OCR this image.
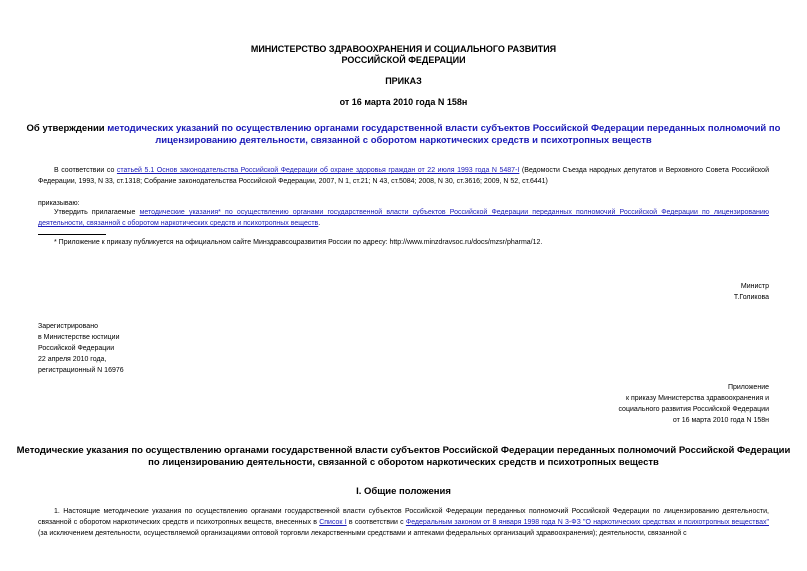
МИНИСТЕРСТВО ЗДРАВООХРАНЕНИЯ И СОЦИАЛЬНОГО РАЗВИТИЯ
РОССИЙСКОЙ ФЕДЕРАЦИИ
ПРИКАЗ
от 16 марта 2010 года N 158н
Об утверждении методических указаний по осуществлению органами государственной власти субъектов Российской Федерации переданных полномочий по
лицензированию деятельности, связанной с оборотом наркотических средств и психотропных веществ
В соответствии со статьей 5.1 Основ законодательства Российской Федерации об охране здоровья граждан от 22 июля 1993 года N 5487-I (Ведомости Съезда народных депутатов и Верховного Совета Российской Федерации, 1993, N 33, ст.1318; Собрание законодательства Российской Федерации, 2007, N 1, ст.21; N 43, ст.5084; 2008, N 30, ст.3616; 2009, N 52, ст.6441)
приказываю:
Утвердить прилагаемые методические указания* по осуществлению органами государственной власти субъектов Российской Федерации переданных полномочий Российской Федерации по лицензированию деятельности, связанной с оборотом наркотических средств и психотропных веществ.
* Приложение к приказу публикуется на официальном сайте Минздравсоцразвития России по адресу: http://www.minzdravsoc.ru/docs/mzsr/pharma/12.
Министр
Т.Голикова
Зарегистрировано
в Министерстве юстиции
Российской Федерации
22 апреля 2010 года,
регистрационный N 16976
Приложение
к приказу Министерства здравоохранения и
социального развития Российской Федерации
от 16 марта 2010 года N 158н
Методические указания по осуществлению органами государственной власти субъектов Российской Федерации переданных полномочий Российской Федерации
по лицензированию деятельности, связанной с оборотом наркотических средств и психотропных веществ
I. Общие положения
1. Настоящие методические указания по осуществлению органами государственной власти субъектов Российской Федерации переданных полномочий Российской Федерации по лицензированию деятельности, связанной с оборотом наркотических средств и психотропных веществ, внесенных в Список I в соответствии с Федеральным законом от 8 января 1998 года N 3-ФЗ "О наркотических средствах и психотропных веществах" (за исключением деятельности, осуществляемой организациями оптовой торговли лекарственными средствами и аптеками федеральных организаций здравоохранения); деятельности, связанной с
